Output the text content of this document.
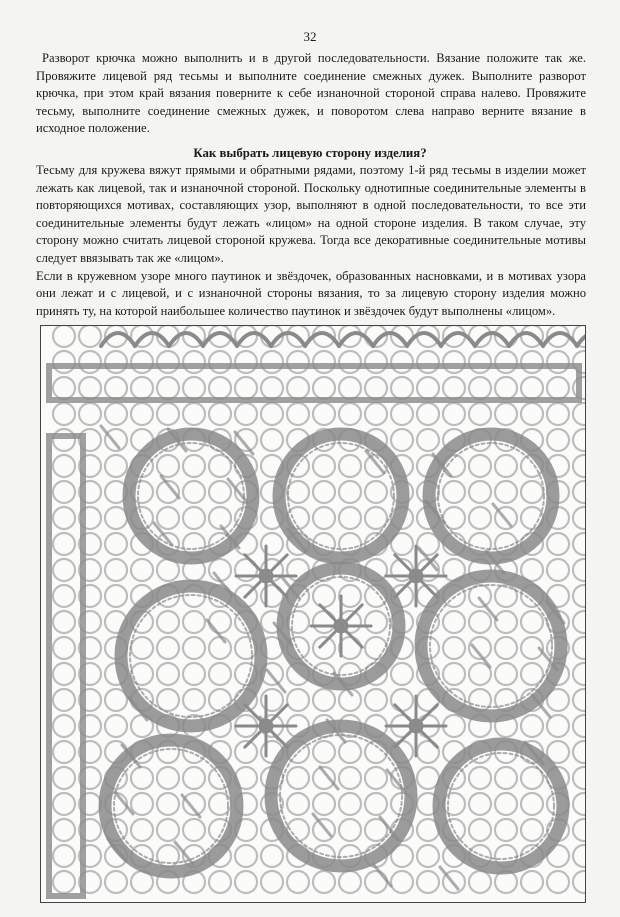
32
Разворот крючка можно выполнить и в другой последовательности. Вязание положите так же. Провяжите лицевой ряд тесьмы и выполните соединение смежных дужек. Выполните разворот крючка, при этом край вязания поверните к себе изнаночной стороной справа налево. Провяжите тесьму, выполните соединение смежных дужек, и поворотом слева направо верните вязание в исходное положение.
Как выбрать лицевую сторону изделия?

Тесьму для кружева вяжут прямыми и обратными рядами, поэтому 1-й ряд тесьмы в изделии может лежать как лицевой, так и изнаночной стороной. Поскольку однотипные соединительные элементы в повторяющихся мотивах, составляющих узор, выполняют в одной последовательности, то все эти соединительные элементы будут лежать «лицом» на одной стороне изделия. В таком случае, эту сторону можно считать лицевой стороной кружева. Тогда все декоративные соединительные мотивы следует ввязывать так же «лицом».

Если в кружевном узоре много паутинок и звёздочек, образованных насновками, и в мотивах узора они лежат и с лицевой, и с изнаночной стороны вязания, то за лицевую сторону изделия можно принять ту, на которой наибольшее количество паутинок и звёздочек будут выполнены «лицом».
